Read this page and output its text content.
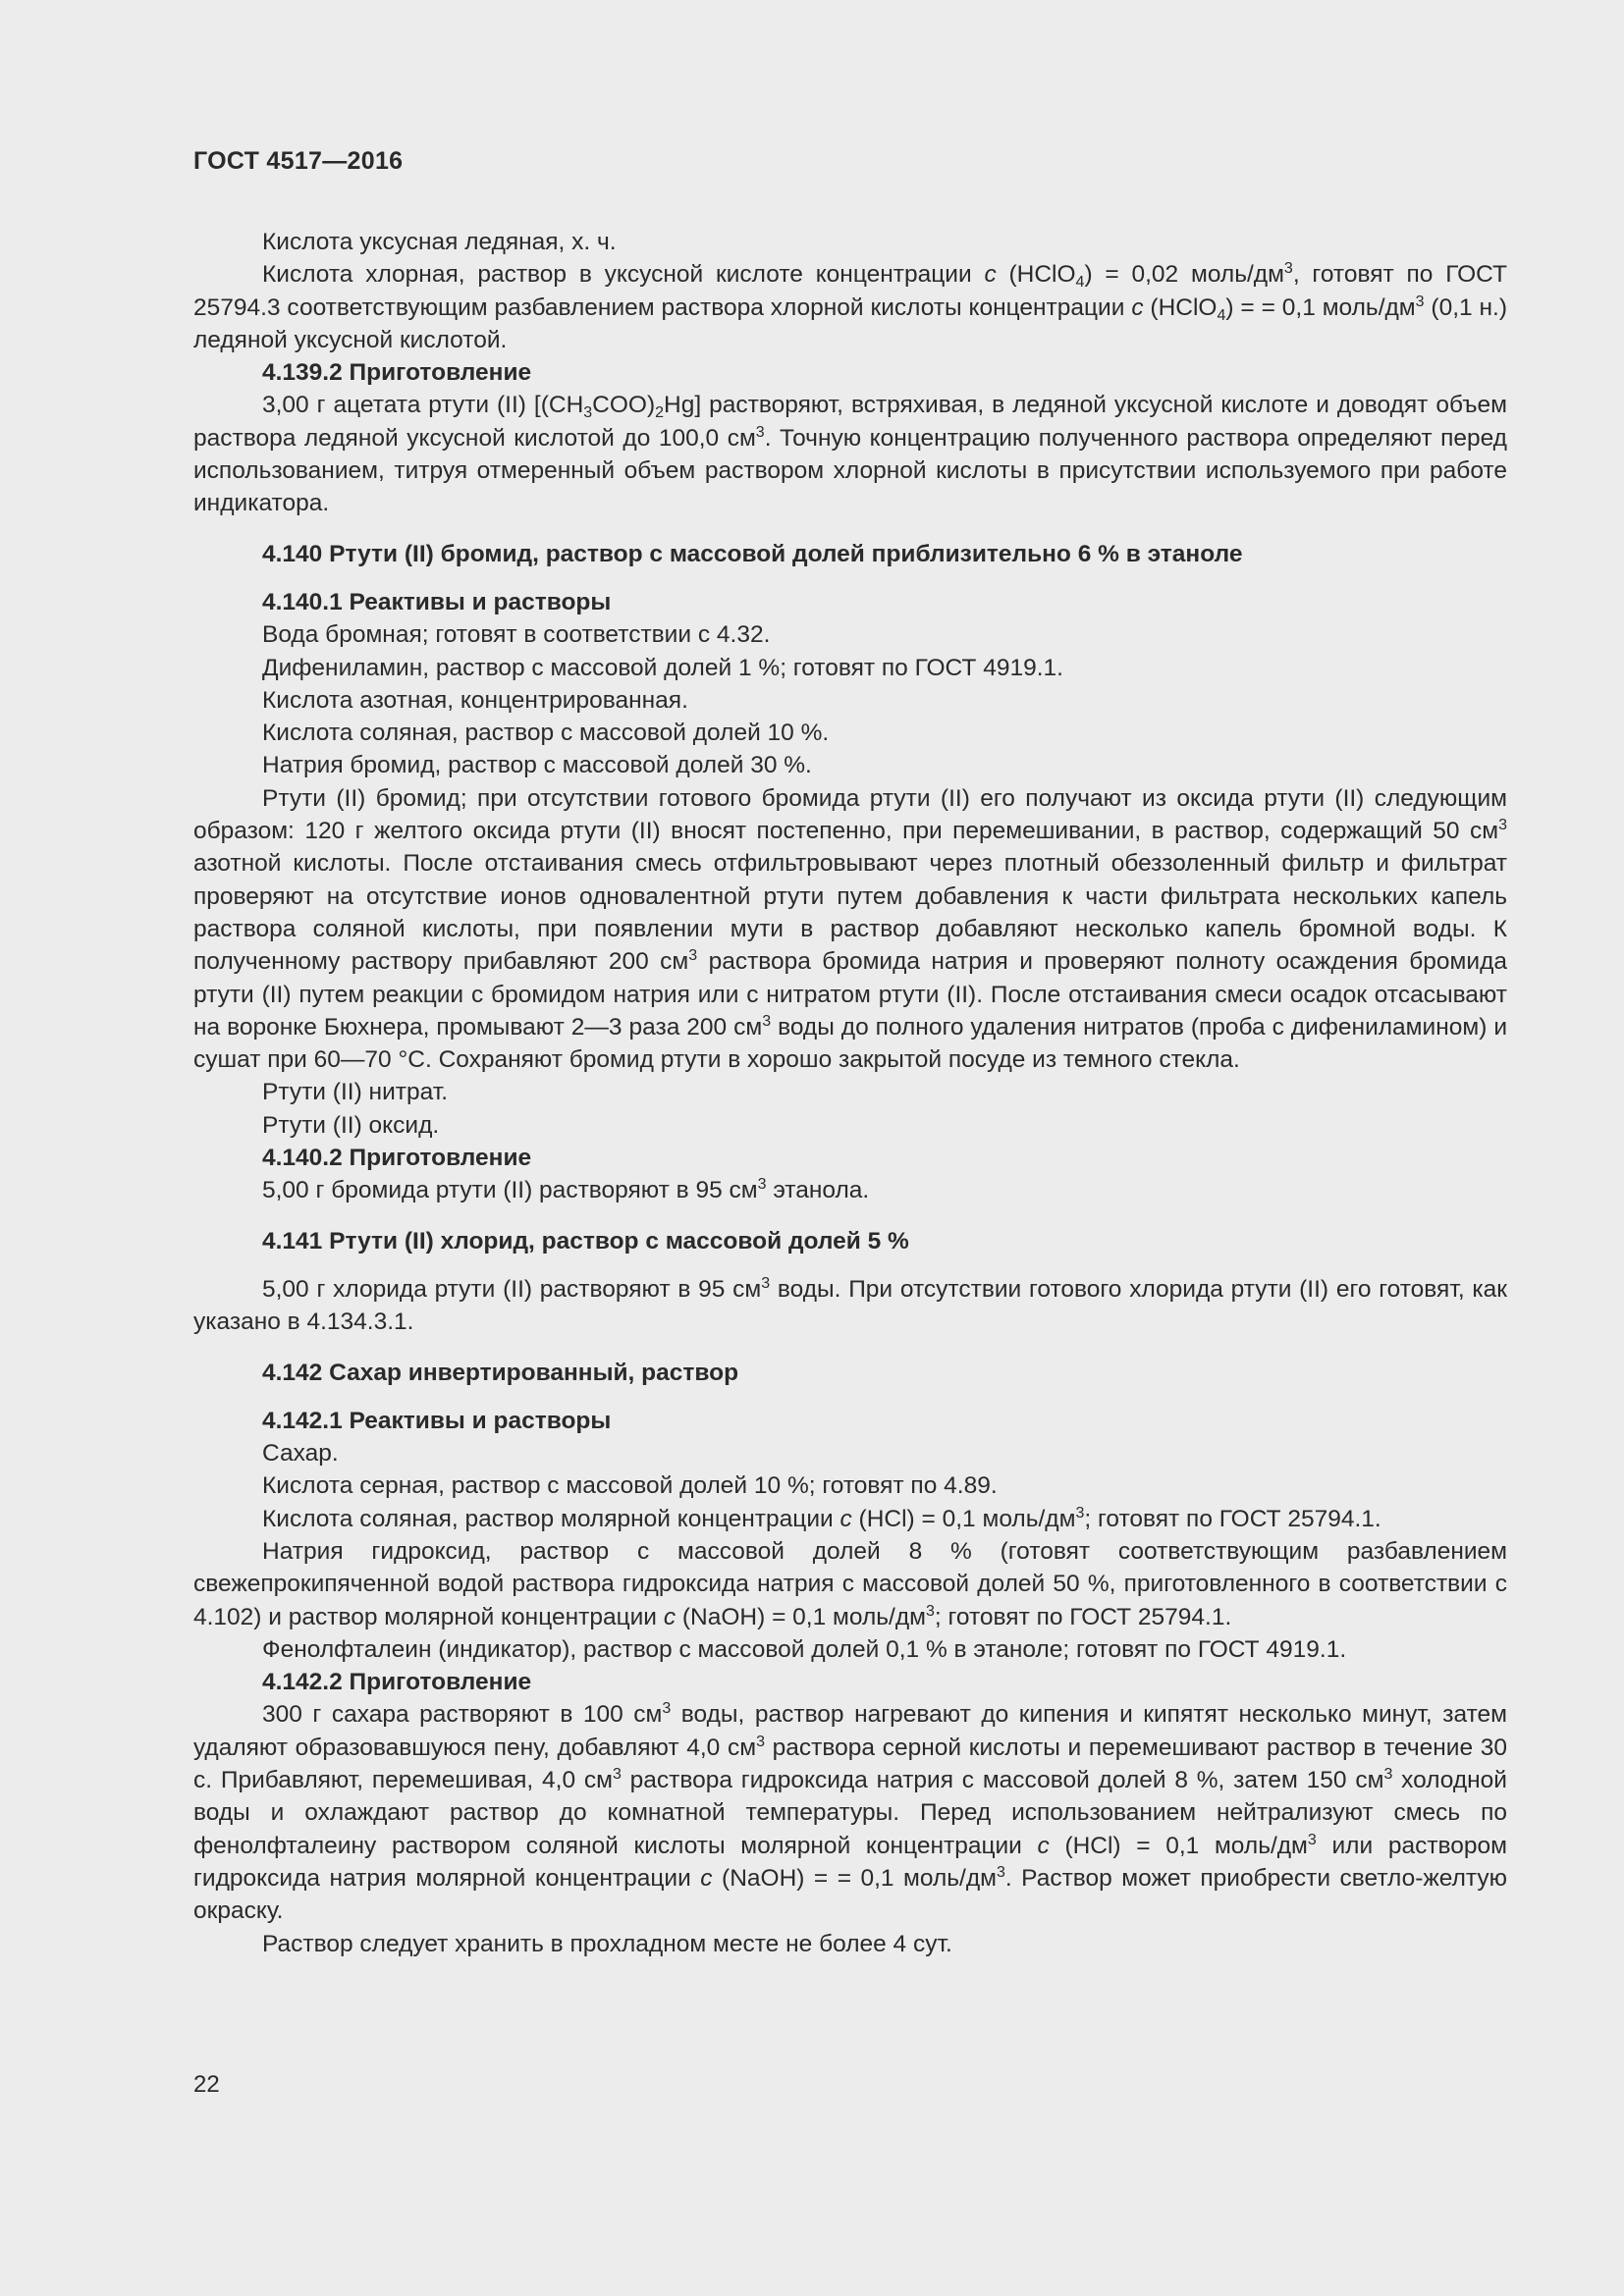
ГОСТ 4517—2016

Кислота уксусная ледяная, х. ч.

Кислота хлорная, раствор в уксусной кислоте концентрации c (HClO$_4$) = 0,02 моль/$дм^3$, готовят по ГОСТ 25794.3 соответствующим разбавлением раствора хлорной кислоты концентрации c (HClO$_4$) = = 0,1 моль/$дм^3$ (0,1 н.) ледяной уксусной кислотой.

4.139.2 Приготовление

3,00 г ацетата ртути (II) $[(CH_3COO)_2Hg]$ растворяют, встряхивая, в ледяной уксусной кислоте и доводят объем раствора ледяной уксусной кислотой до 100,0 $см^3$. Точную концентрацию полученного раствора определяют перед использованием, титруя отмеренный объем раствором хлорной кислоты в присутствии используемого при работе индикатора.

4.140 Ртути (II) бромид, раствор с массовой долей приблизительно 6 % в этаноле

4.140.1 Реактивы и растворы

Вода бромная; готовят в соответствии с 4.32.

Дифениламин, раствор с массовой долей 1 %; готовят по ГОСТ 4919.1.

Кислота азотная, концентрированная.

Кислота соляная, раствор с массовой долей 10 %.

Натрия бромид, раствор с массовой долей 30 %.

Ртути (II) бромид; при отсутствии готового бромида ртути (II) его получают из оксида ртути (II) следующим образом: 120 г желтого оксида ртути (II) вносят постепенно, при перемешивании, в раствор, содержащий 50 $см^3$ азотной кислоты. После отстаивания смесь отфильтровывают через плотный обеззоленный фильтр и фильтрат проверяют на отсутствие ионов одновалентной ртути путем добавления к части фильтрата нескольких капель раствора соляной кислоты, при появлении мути в раствор добавляют несколько капель бромной воды. К полученному раствору прибавляют 200 $см^3$ раствора бромида натрия и проверяют полноту осаждения бромида ртути (II) путем реакции с бромидом натрия или с нитратом ртути (II). После отстаивания смеси осадок отсасывают на воронке Бюхнера, промывают 2—3 раза 200 $см^3$ воды до полного удаления нитратов (проба с дифениламином) и сушат при 60—70 °C. Сохраняют бромид ртути в хорошо закрытой посуде из темного стекла.

Ртути (II) нитрат.

Ртути (II) оксид.

4.140.2 Приготовление

5,00 г бромида ртути (II) растворяют в 95 $см^3$ этанола.

4.141 Ртути (II) хлорид, раствор с массовой долей 5 %

5,00 г хлорида ртути (II) растворяют в 95 $см^3$ воды. При отсутствии готового хлорида ртути (II) его готовят, как указано в 4.134.3.1.

4.142 Сахар инвертированный, раствор

4.142.1 Реактивы и растворы

Сахар.

Кислота серная, раствор с массовой долей 10 %; готовят по 4.89.

Кислота соляная, раствор молярной концентрации c (HCl) = 0,1 моль/$дм^3$; готовят по ГОСТ 25794.1.

Натрия гидроксид, раствор с массовой долей 8 % (готовят соответствующим разбавлением свежепрокипяченной водой раствора гидроксида натрия с массовой долей 50 %, приготовленного в соответствии с 4.102) и раствор молярной концентрации c (NaOH) = 0,1 моль/$дм^3$; готовят по ГОСТ 25794.1.

Фенолфталеин (индикатор), раствор с массовой долей 0,1 % в этаноле; готовят по ГОСТ 4919.1.

4.142.2 Приготовление

300 г сахара растворяют в 100 $см^3$ воды, раствор нагревают до кипения и кипятят несколько минут, затем удаляют образовавшуюся пену, добавляют 4,0 $см^3$ раствора серной кислоты и перемешивают раствор в течение 30 с. Прибавляют, перемешивая, 4,0 $см^3$ раствора гидроксида натрия с массовой долей 8 %, затем 150 $см^3$ холодной воды и охлаждают раствор до комнатной температуры. Перед использованием нейтрализуют смесь по фенолфталеину раствором соляной кислоты молярной концентрации c (HCl) = 0,1 моль/$дм^3$ или раствором гидроксида натрия молярной концентрации c (NaOH) = = 0,1 моль/$дм^3$. Раствор может приобрести светло-желтую окраску.

Раствор следует хранить в прохладном месте не более 4 сут.

22
